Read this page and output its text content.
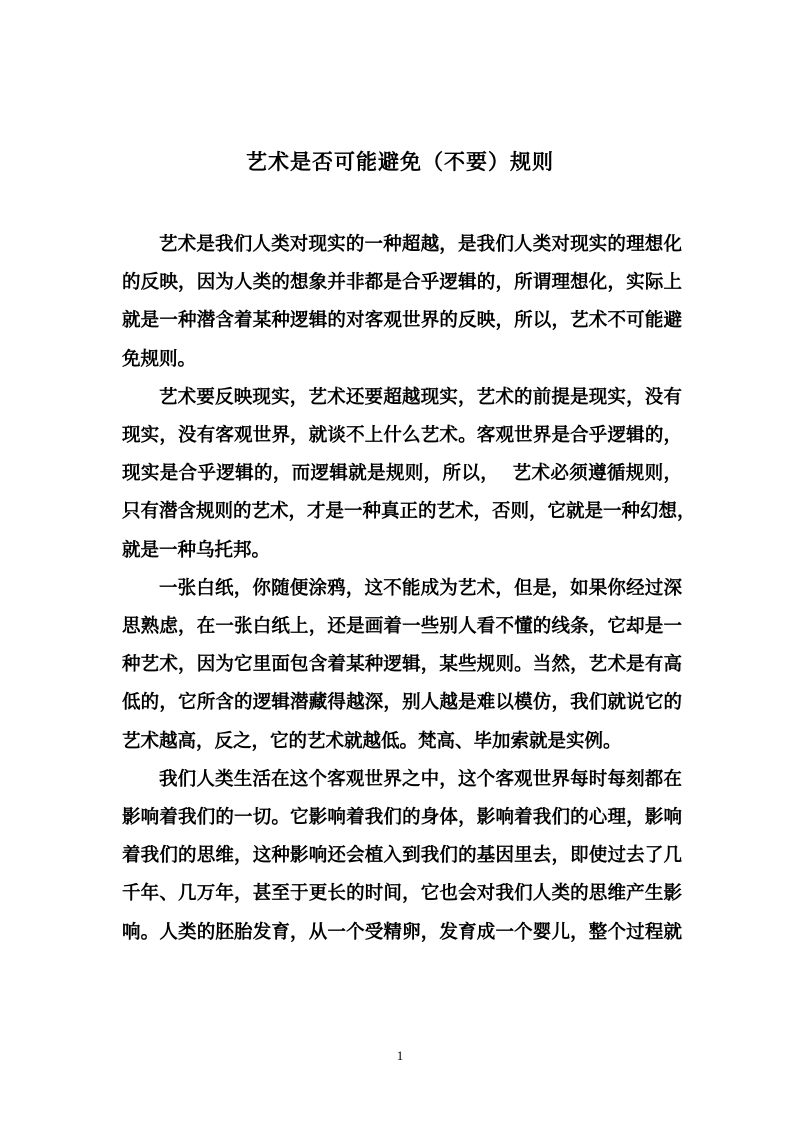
艺术是否可能避免（不要）规则
艺术是我们人类对现实的一种超越，是我们人类对现实的理想化
的反映，因为人类的想象并非都是合乎逻辑的，所谓理想化，实际上
就是一种潜含着某种逻辑的对客观世界的反映，所以，艺术不可能避
免规则。
艺术要反映现实，艺术还要超越现实，艺术的前提是现实，没有
现实，没有客观世界，就谈不上什么艺术。客观世界是合乎逻辑的，
现实是合乎逻辑的，而逻辑就是规则，所以，  艺术必须遵循规则，
只有潜含规则的艺术，才是一种真正的艺术，否则，它就是一种幻想，
就是一种乌托邦。
一张白纸，你随便涂鸦，这不能成为艺术，但是，如果你经过深
思熟虑，在一张白纸上，还是画着一些别人看不懂的线条，它却是一
种艺术，因为它里面包含着某种逻辑，某些规则。当然，艺术是有高
低的，它所含的逻辑潜藏得越深，别人越是难以模仿，我们就说它的
艺术越高，反之，它的艺术就越低。梵高、毕加索就是实例。
我们人类生活在这个客观世界之中，这个客观世界每时每刻都在
影响着我们的一切。它影响着我们的身体，影响着我们的心理，影响
着我们的思维，这种影响还会植入到我们的基因里去，即使过去了几
千年、几万年，甚至于更长的时间，它也会对我们人类的思维产生影
响。人类的胚胎发育，从一个受精卵，发育成一个婴儿，整个过程就
1
